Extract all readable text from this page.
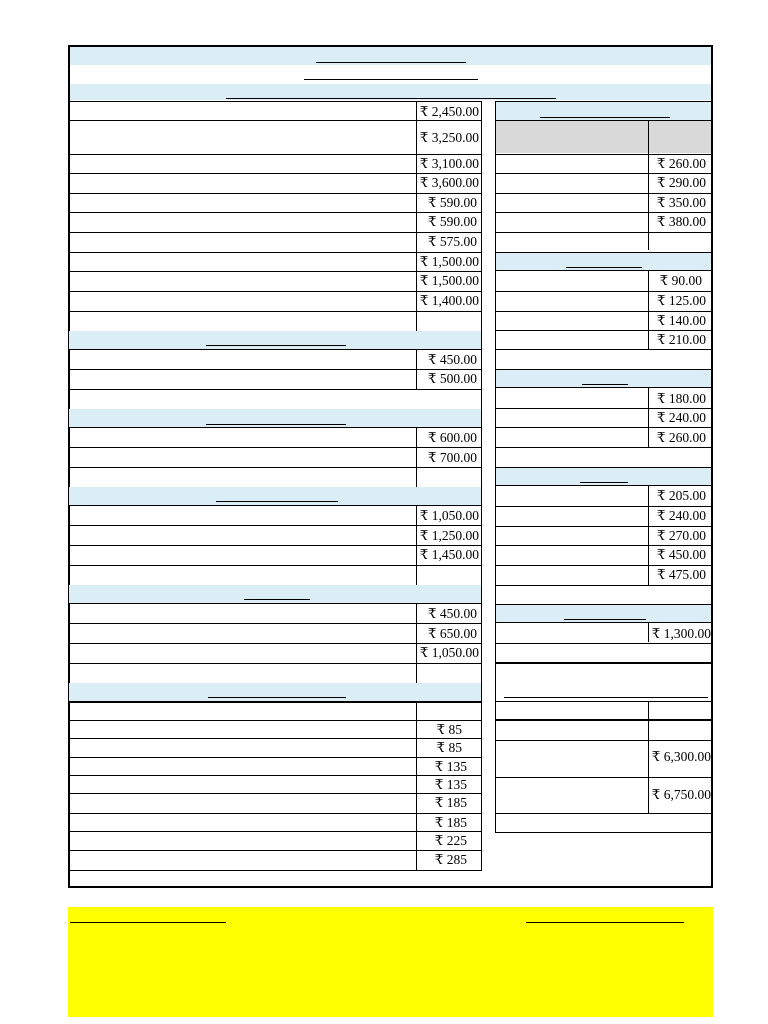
₹ 2,450.00
₹ 3,250.00
₹ 3,100.00
₹ 3,600.00
₹ 590.00
₹ 590.00
₹ 575.00
₹ 1,500.00
₹ 1,500.00
₹ 1,400.00
₹ 450.00
₹ 500.00
₹ 600.00
₹ 700.00
₹ 1,050.00
₹ 1,250.00
₹ 1,450.00
₹ 450.00
₹ 650.00
₹ 1,050.00
₹ 85
₹ 85
₹ 135
₹ 135
₹ 185
₹ 185
₹ 225
₹ 285
₹ 260.00
₹ 290.00
₹ 350.00
₹ 380.00
₹ 90.00
₹ 125.00
₹ 140.00
₹ 210.00
₹ 180.00
₹ 240.00
₹ 260.00
₹ 205.00
₹ 240.00
₹ 270.00
₹ 450.00
₹ 475.00
₹ 1,300.00
₹ 6,300.00
₹ 6,750.00
